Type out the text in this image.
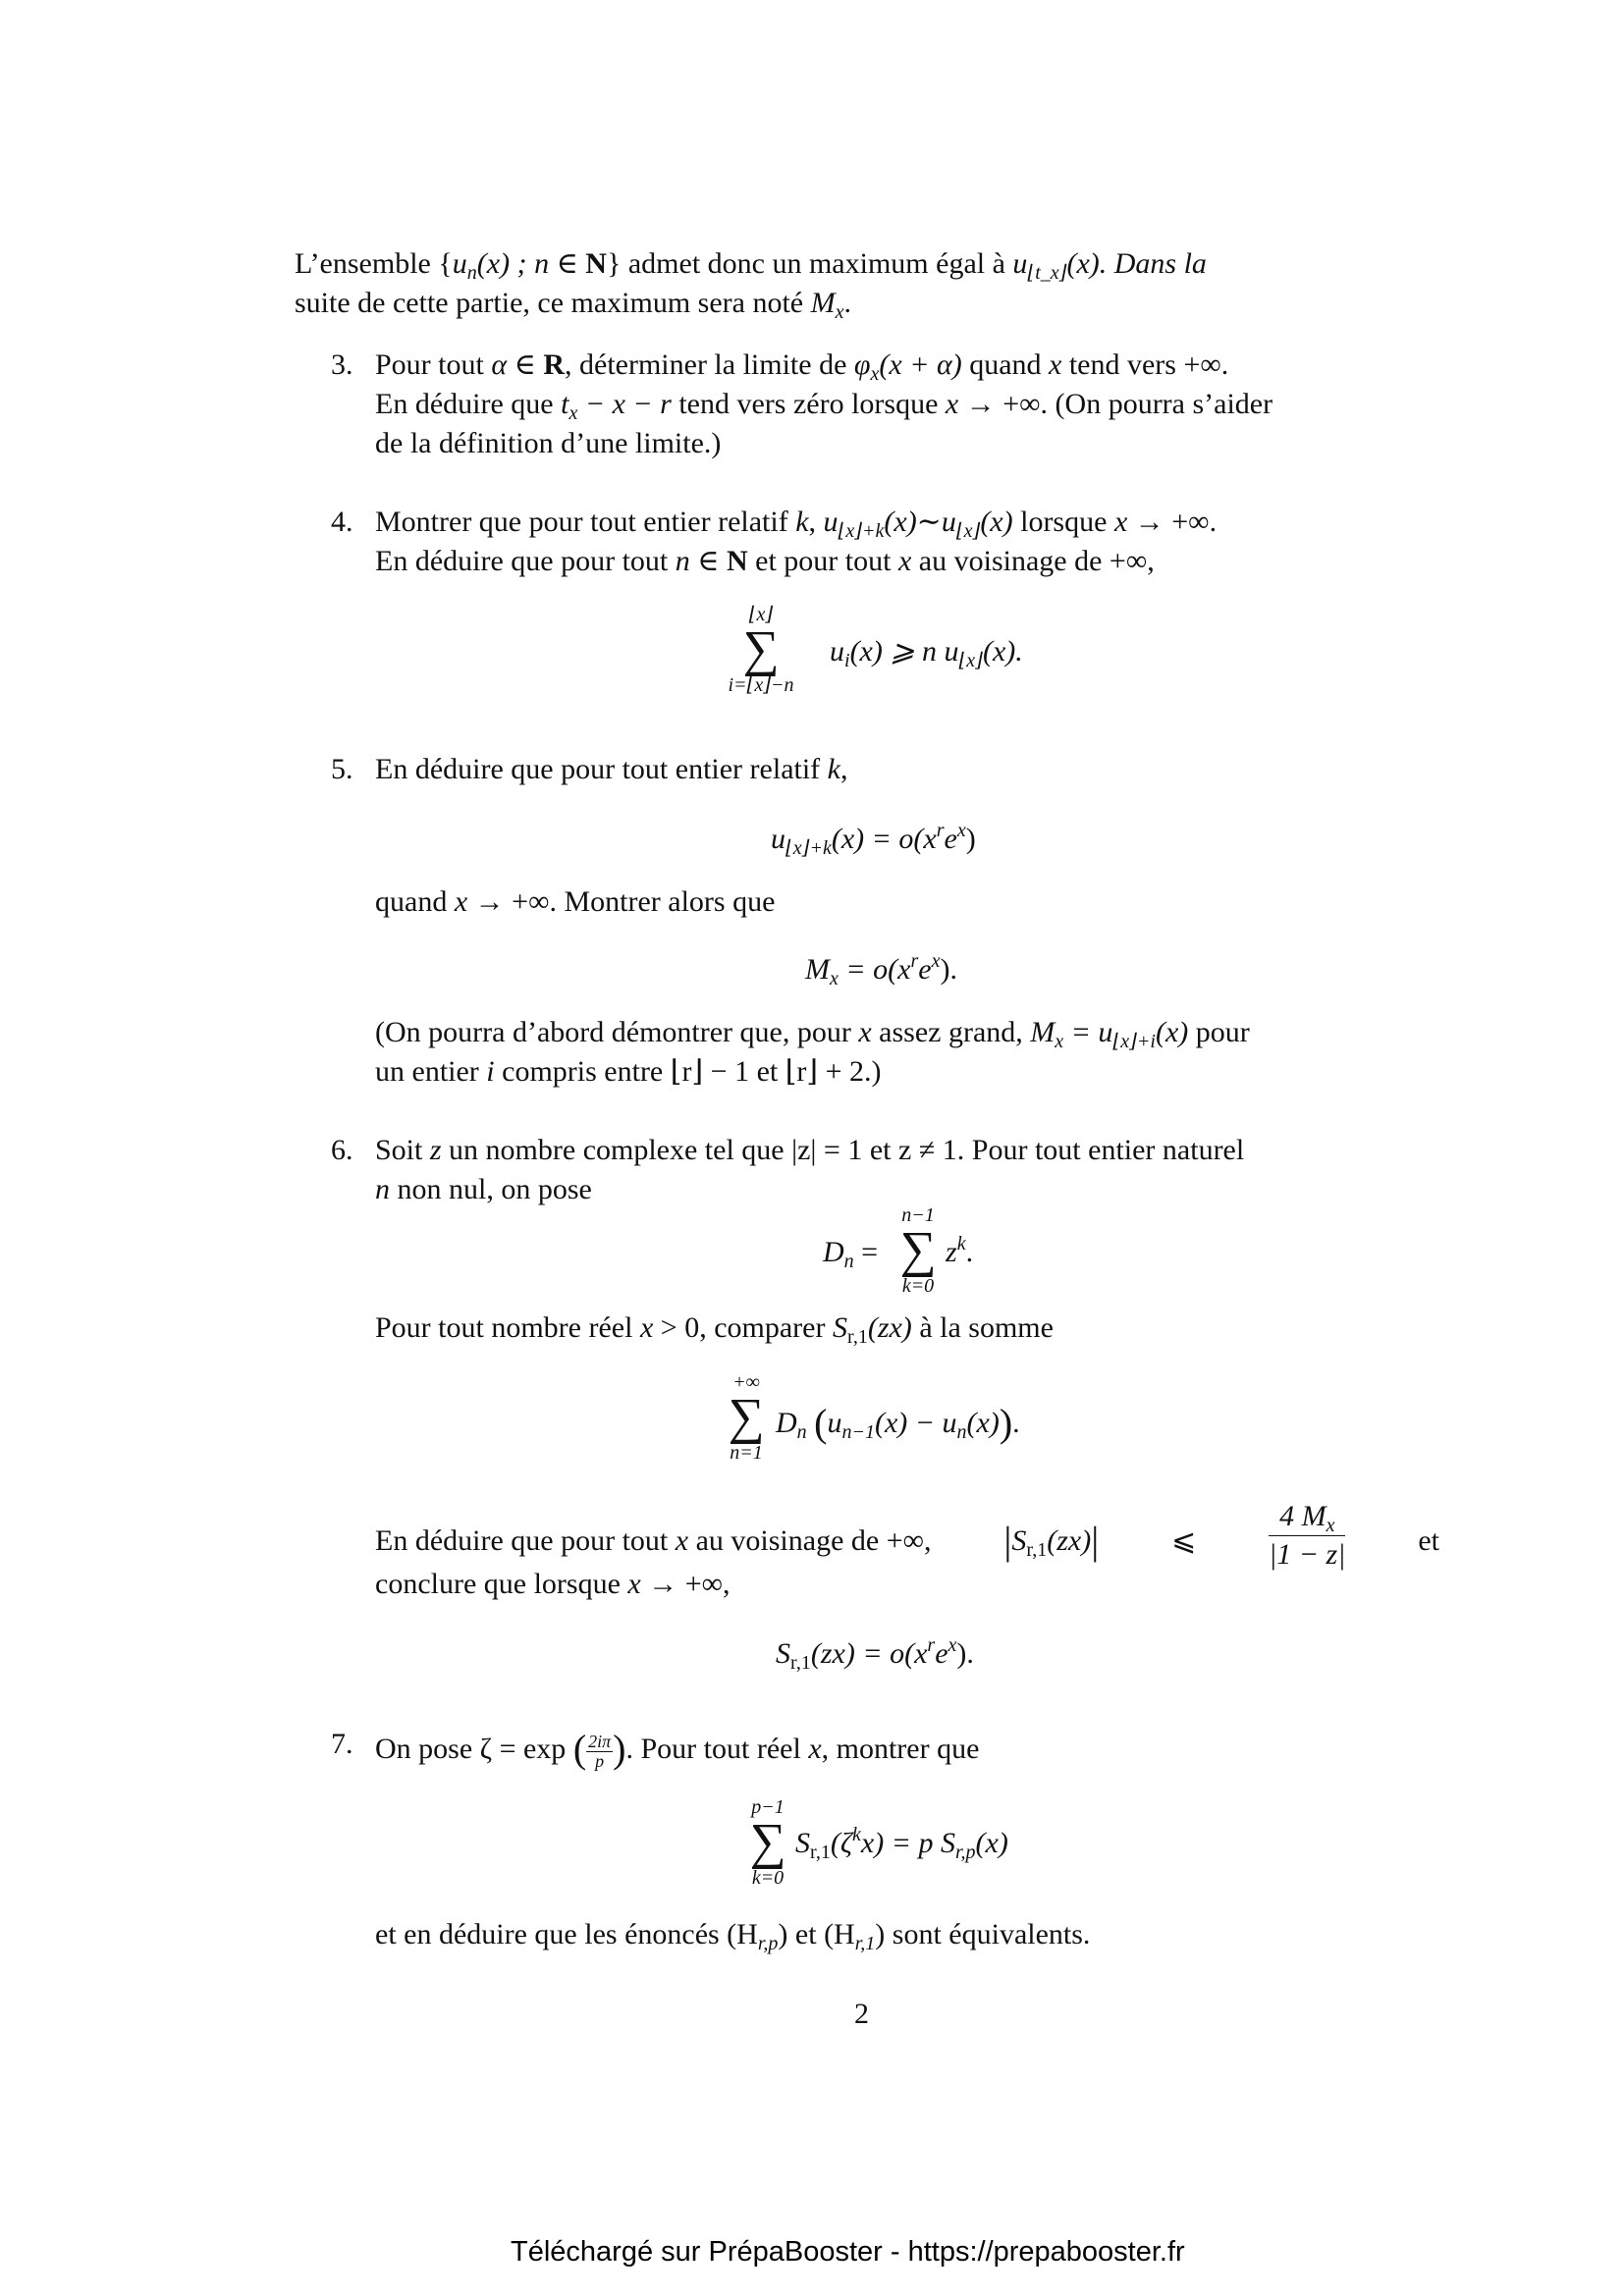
L’ensemble {$u_n(x)$ ; n ∈ N} admet donc un maximum égal à $u_{⌊t\_x⌋}(x)$. Dans la
suite de cette partie, ce maximum sera noté $M_x$.
3. Pour tout α ∈ R, déterminer la limite de $\varphi_x(x + \alpha)$ quand x tend vers +∞.
En déduire que $t_x - x - r$ tend vers zéro lorsque x → +∞. (On pourra s’aider
de la définition d’une limite.)
4. Montrer que pour tout entier relatif k, $u_{⌊x⌋+k}(x)\sim u_{⌊x⌋}(x)$ lorsque x → +∞.
En déduire que pour tout n ∈ N et pour tout x au voisinage de +∞,
⌊x⌋
∑
i=⌊x⌋−n
$u_i(x)$ ⩾ n $u_{⌊x⌋}(x)$.
5. En déduire que pour tout entier relatif k,
$u_{⌊x⌋+k}(x) = o(x^re^x)$
quand x → +∞. Montrer alors que
$M_x = o(x^re^x)$.
(On pourra d’abord démontrer que, pour x assez grand, $M_x = u_{⌊x⌋+i}(x)$ pour
un entier i compris entre ⌊r⌋ − 1 et ⌊r⌋ + 2.)
6. Soit z un nombre complexe tel que |z| = 1 et z ≠ 1. Pour tout entier naturel
n non nul, on pose
$D_n$ =
n−1
∑
k=0
$z^k$.
Pour tout nombre réel x > 0, comparer $S_{r,1}(zx)$ à la somme
+∞
∑
n=1
$D_n$ $(u_{n-1}(x) - u_n(x))$.
En déduire que pour tout x au voisinage de +∞, $|S_{r,1}(zx)|$ ⩽ $\frac{4 M_x}{|1 - z|}$ et
conclure que lorsque x → +∞,
$S_{r,1}(zx) = o(x^re^x)$.
7. On pose ζ = exp ( $\frac{2i\pi}{p}$ ). Pour tout réel x, montrer que
p−1
∑
k=0
$S_{r,1}(\zeta^kx) = p$ $S_{r,p}(x)$
et en déduire que les énoncés $(H_{r,p})$ et $(H_{r,1})$ sont équivalents.
2
Téléchargé sur PrépaBooster - https://prepabooster.fr
